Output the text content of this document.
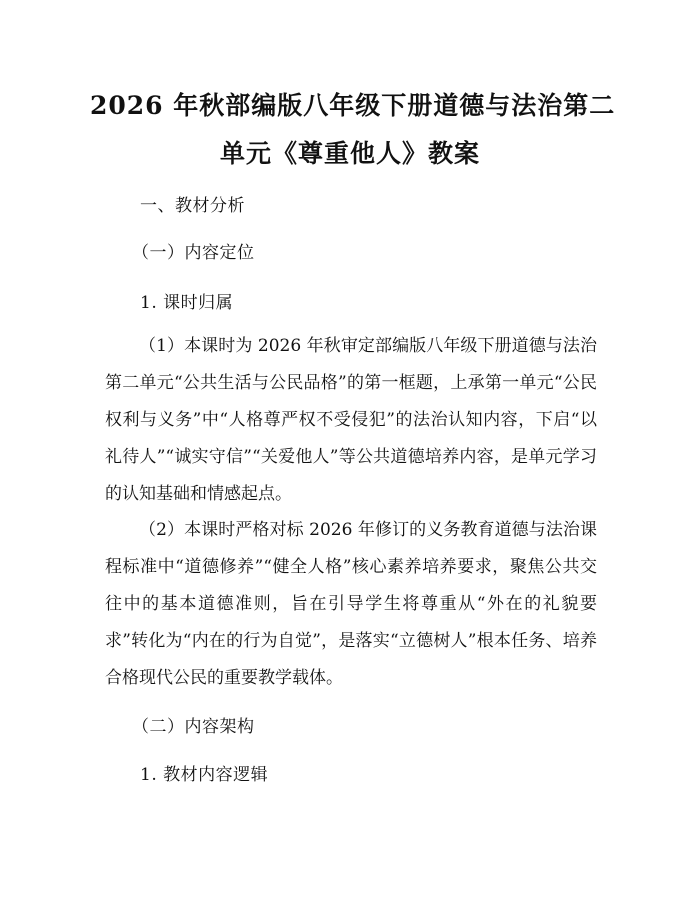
2026 年秋部编版八年级下册道德与法治第二
单元《尊重他人》教案
一、教材分析
（一）内容定位
1. 课时归属
（1）本课时为 2026 年秋审定部编版八年级下册道德与法治第二单元“公共生活与公民品格”的第一框题，上承第一单元“公民权利与义务”中“人格尊严权不受侵犯”的法治认知内容，下启“以礼待人”“诚实守信”“关爱他人”等公共道德培养内容，是单元学习的认知基础和情感起点。
（2）本课时严格对标 2026 年修订的义务教育道德与法治课程标准中“道德修养”“健全人格”核心素养培养要求，聚焦公共交往中的基本道德准则，旨在引导学生将尊重从“外在的礼貌要求”转化为“内在的行为自觉”，是落实“立德树人”根本任务、培养合格现代公民的重要教学载体。
（二）内容架构
1. 教材内容逻辑
